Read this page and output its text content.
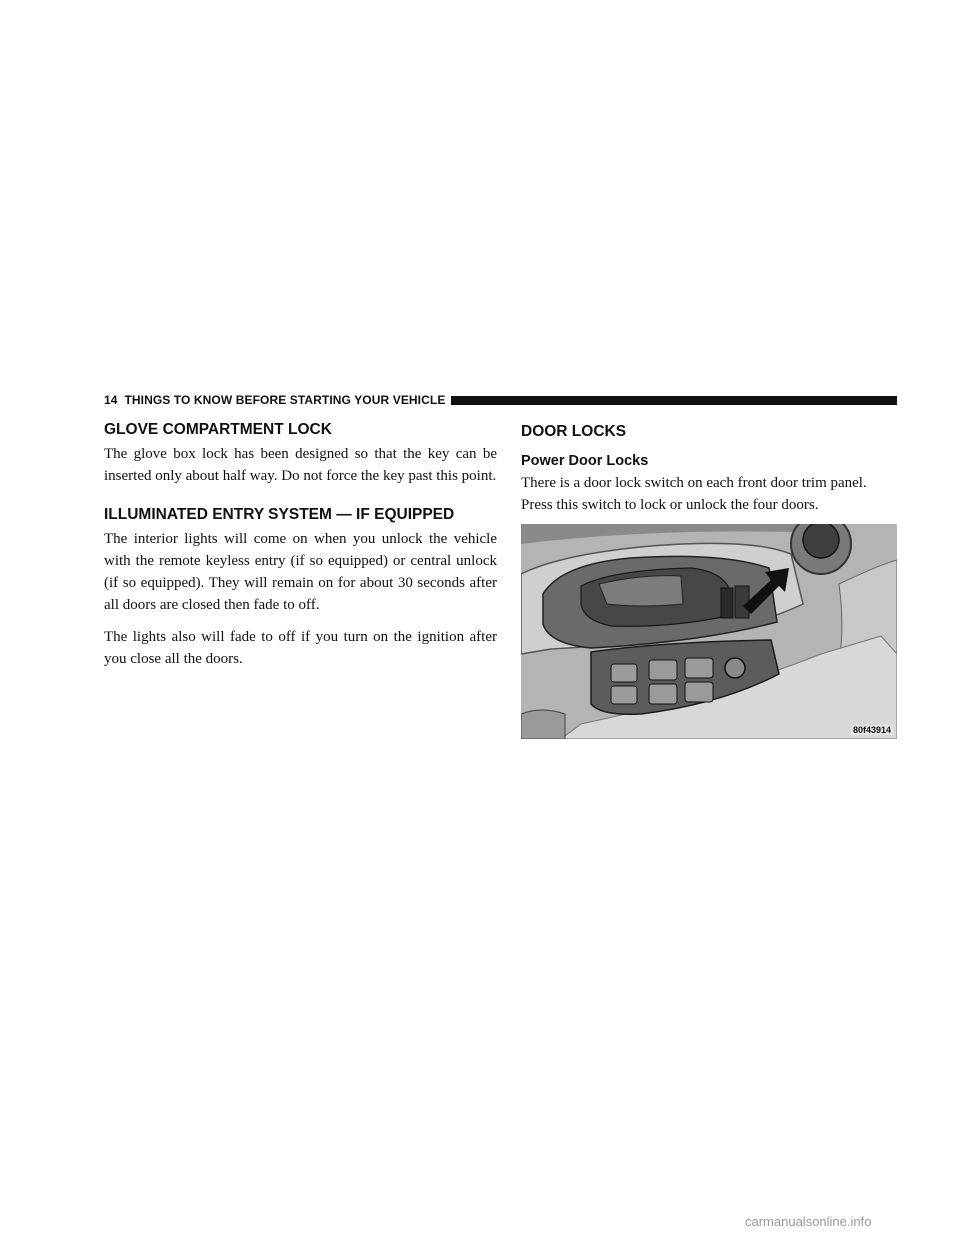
14 THINGS TO KNOW BEFORE STARTING YOUR VEHICLE
GLOVE COMPARTMENT LOCK

The glove box lock has been designed so that the key can be inserted only about half way. Do not force the key past this point.

ILLUMINATED ENTRY SYSTEM — IF EQUIPPED

The interior lights will come on when you unlock the vehicle with the remote keyless entry (if so equipped) or central unlock (if so equipped). They will remain on for about 30 seconds after all doors are closed then fade to off.

The lights also will fade to off if you turn on the ignition after you close all the doors.

DOOR LOCKS
Power Door Locks

There is a door lock switch on each front door trim panel. Press this switch to lock or unlock the four doors.

80f43914
carmanualsonline.info
